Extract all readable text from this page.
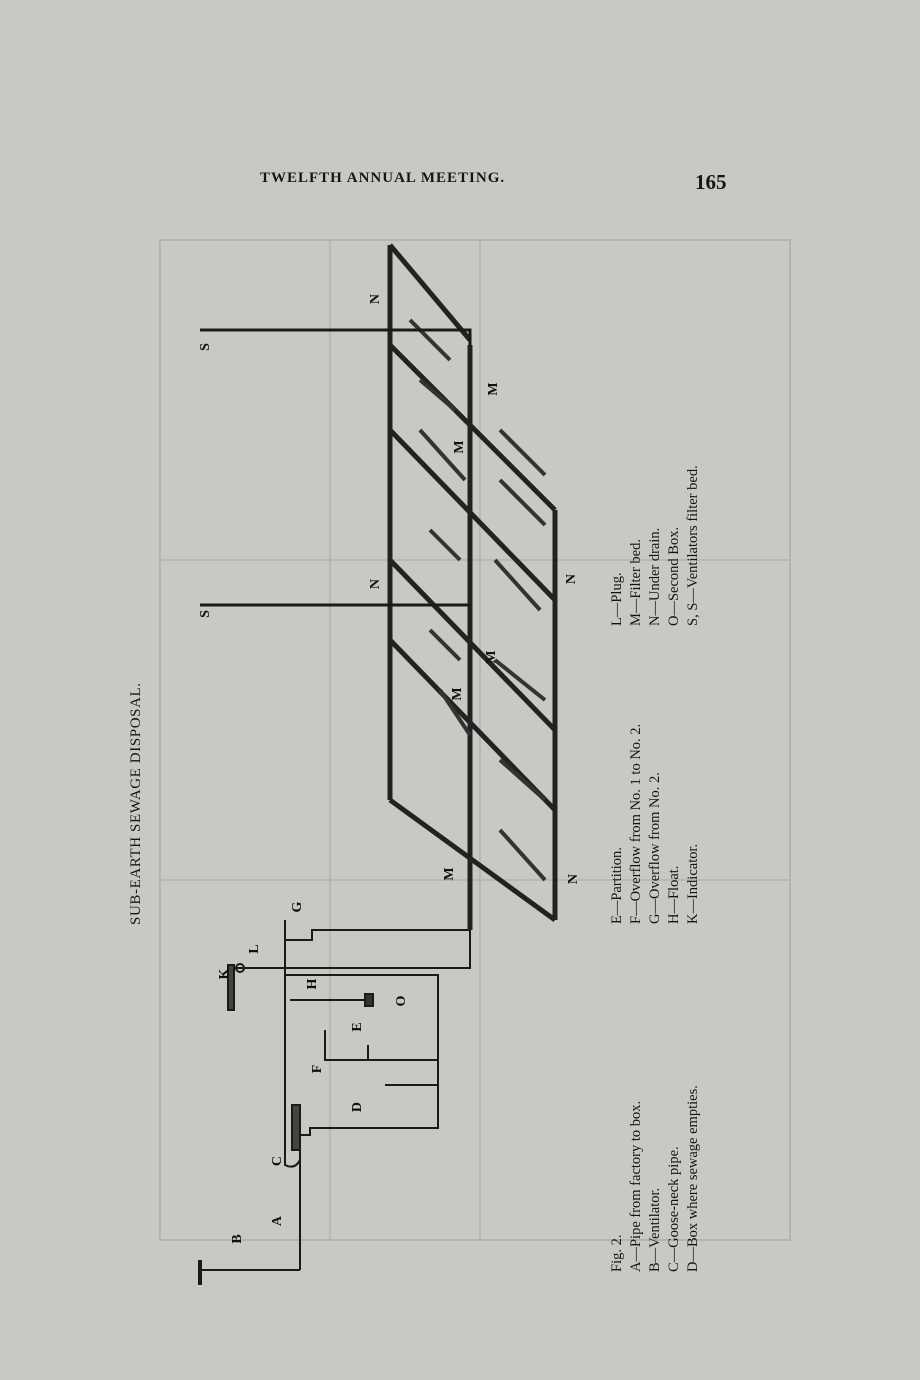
TWELFTH ANNUAL MEETING.	165
SUB-EARTH SEWAGE DISPOSAL.
Fig. 2. A—Pipe from factory to box. B—Ventilator. C—Goose-neck pipe. D—Box where sewage empties.
E—Partition. F—Overflow from No. 1 to No. 2. G—Overflow from No. 2. H—Float. K—Indicator.
L—Plug. M—Filter bed. N—Under drain. O—Second Box. S, S—Ventilators filter bed.
A
B
C
D
E
F
G
H
K
L
O
M
M
M
M
M
N
N
N
N
S
S
